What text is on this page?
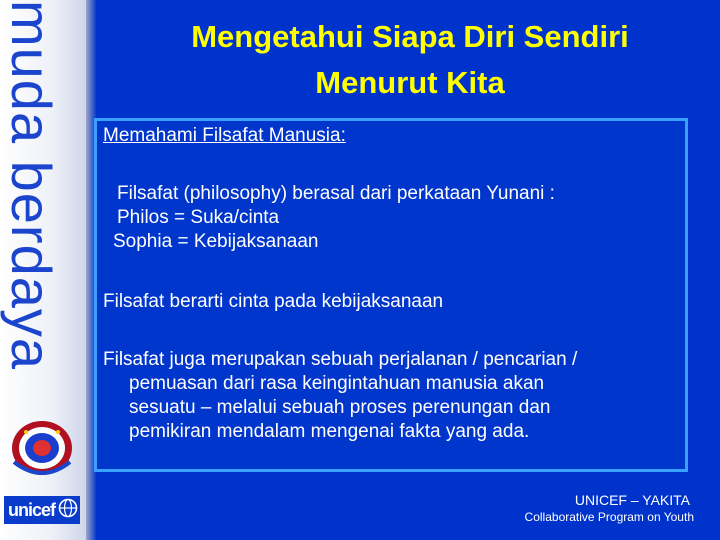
muda berdaya
unicef
Mengetahui Siapa Diri Sendiri
Menurut Kita
Memahami Filsafat Manusia:
Filsafat (philosophy) berasal dari perkataan Yunani :
Philos = Suka/cinta
Sophia = Kebijaksanaan
Filsafat berarti cinta pada kebijaksanaan
Filsafat juga merupakan sebuah perjalanan / pencarian /
pemuasan dari rasa keingintahuan manusia akan
sesuatu – melalui sebuah proses perenungan dan
pemikiran mendalam mengenai fakta yang ada.
UNICEF – YAKITA
Collaborative Program on Youth
